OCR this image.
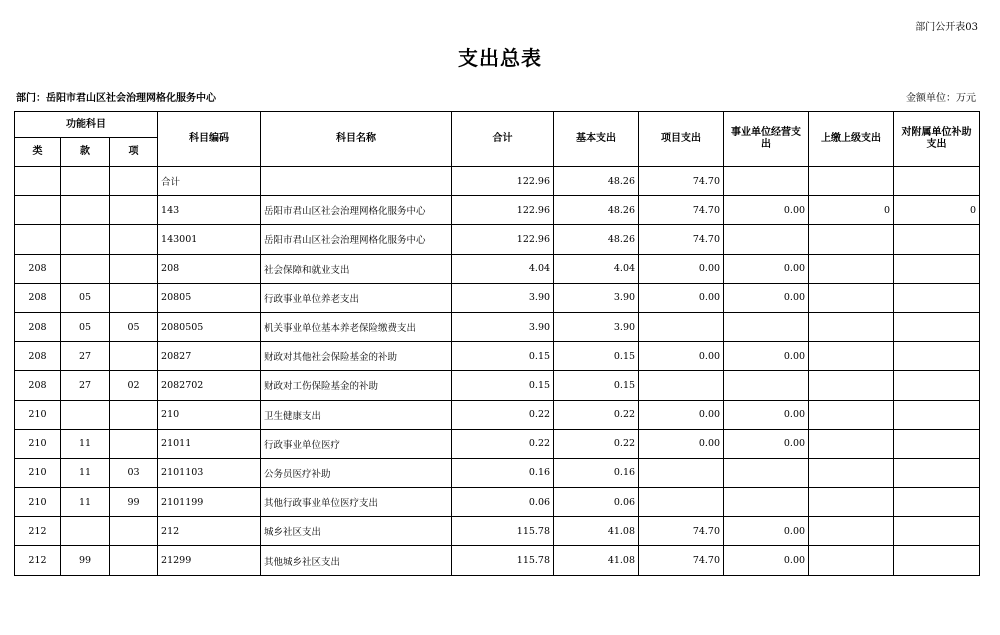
部门公开表03
支出总表
部门：岳阳市君山区社会治理网格化服务中心	金额单位：万元
功能科目			科目编码	科目名称	合计	基本支出	项目支出	事业单位经营支出	上缴上级支出	对附属单位补助支出
类	款	项								
			合计		122.96	48.26	74.70			
			143	岳阳市君山区社会治理网格化服务中心	122.96	48.26	74.70	0.00	0	0
			143001	岳阳市君山区社会治理网格化服务中心	122.96	48.26	74.70			
208			208	社会保障和就业支出	4.04	4.04	0.00	0.00		
208	05		20805	行政事业单位养老支出	3.90	3.90	0.00	0.00		
208	05	05	2080505	机关事业单位基本养老保险缴费支出	3.90	3.90				
208	27		20827	财政对其他社会保险基金的补助	0.15	0.15	0.00	0.00		
208	27	02	2082702	财政对工伤保险基金的补助	0.15	0.15				
210			210	卫生健康支出	0.22	0.22	0.00	0.00		
210	11		21011	行政事业单位医疗	0.22	0.22	0.00	0.00		
210	11	03	2101103	公务员医疗补助	0.16	0.16				
210	11	99	2101199	其他行政事业单位医疗支出	0.06	0.06				
212			212	城乡社区支出	115.78	41.08	74.70	0.00		
212	99		21299	其他城乡社区支出	115.78	41.08	74.70	0.00		
